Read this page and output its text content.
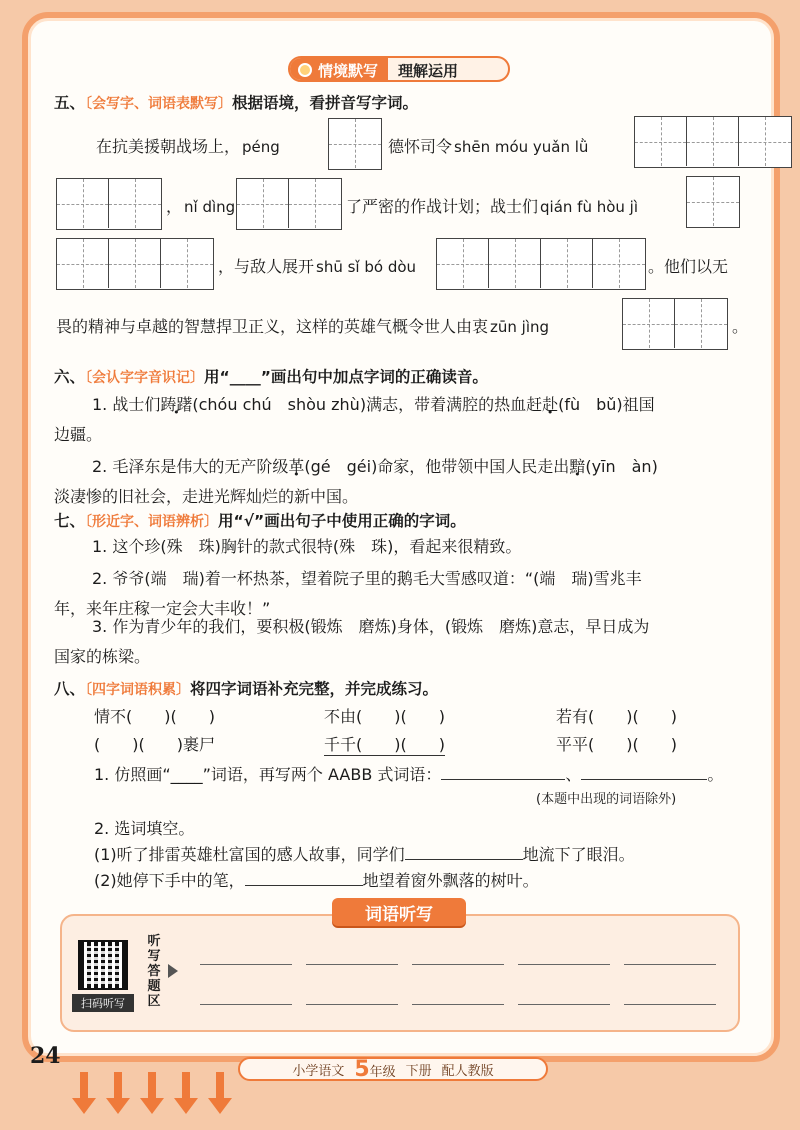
情境默写	理解运用
五、〔会写字、词语表默写〕根据语境，看拼音写字词。
在抗美援朝战场上， péng	德怀司令 shēn móu yuǎn lǜ
， nǐ dìng	了严密的作战计划；战士们 qián fù hòu jì
，与敌人展开 shū sǐ bó dòu	。他们以无
畏的精神与卓越的智慧捍卫正义，这样的英雄气概令世人由衷 zūn jìng	。
六、〔会认字字音识记〕用“____”画出句中加点字词的正确读音。
1. 战士们踌躇(chóu chú　shòu zhù)满志，带着满腔的热血赶赴(fù　bǔ)祖国
边疆。
2. 毛泽东是伟大的无产阶级革(gé　géi)命家，他带领中国人民走出黯(yīn　àn)
淡凄惨的旧社会，走进光辉灿烂的新中国。
七、〔形近字、词语辨析〕用“√”画出句子中使用正确的字词。
1. 这个珍(殊　珠)胸针的款式很特(殊　珠)，看起来很精致。
2. 爷爷(端　瑞)着一杯热茶，望着院子里的鹅毛大雪感叹道：“(端　瑞)雪兆丰
年，来年庄稼一定会大丰收！”
3. 作为青少年的我们，要积极(锻炼　磨炼)身体，(锻炼　磨炼)意志，早日成为
国家的栋梁。
八、〔四字词语积累〕将四字词语补充完整，并完成练习。
情不(　　)(　　)	不由(　　)(　　)	若有(　　)(　　)
(　　)(　　)裹尸	千千(　　)(　　)	平平(　　)(　　)
1. 仿照画“____”词语，再写两个 AABB 式词语：	、	。
(本题中出现的词语除外)
2. 选词填空。
(1)听了排雷英雄杜富国的感人故事，同学们	地流下了眼泪。
(2)她停下手中的笔，	地望着窗外飘落的树叶。
词语听写
扫码听写
听写答题区
24
小学语文 5年级 下册 配人教版
